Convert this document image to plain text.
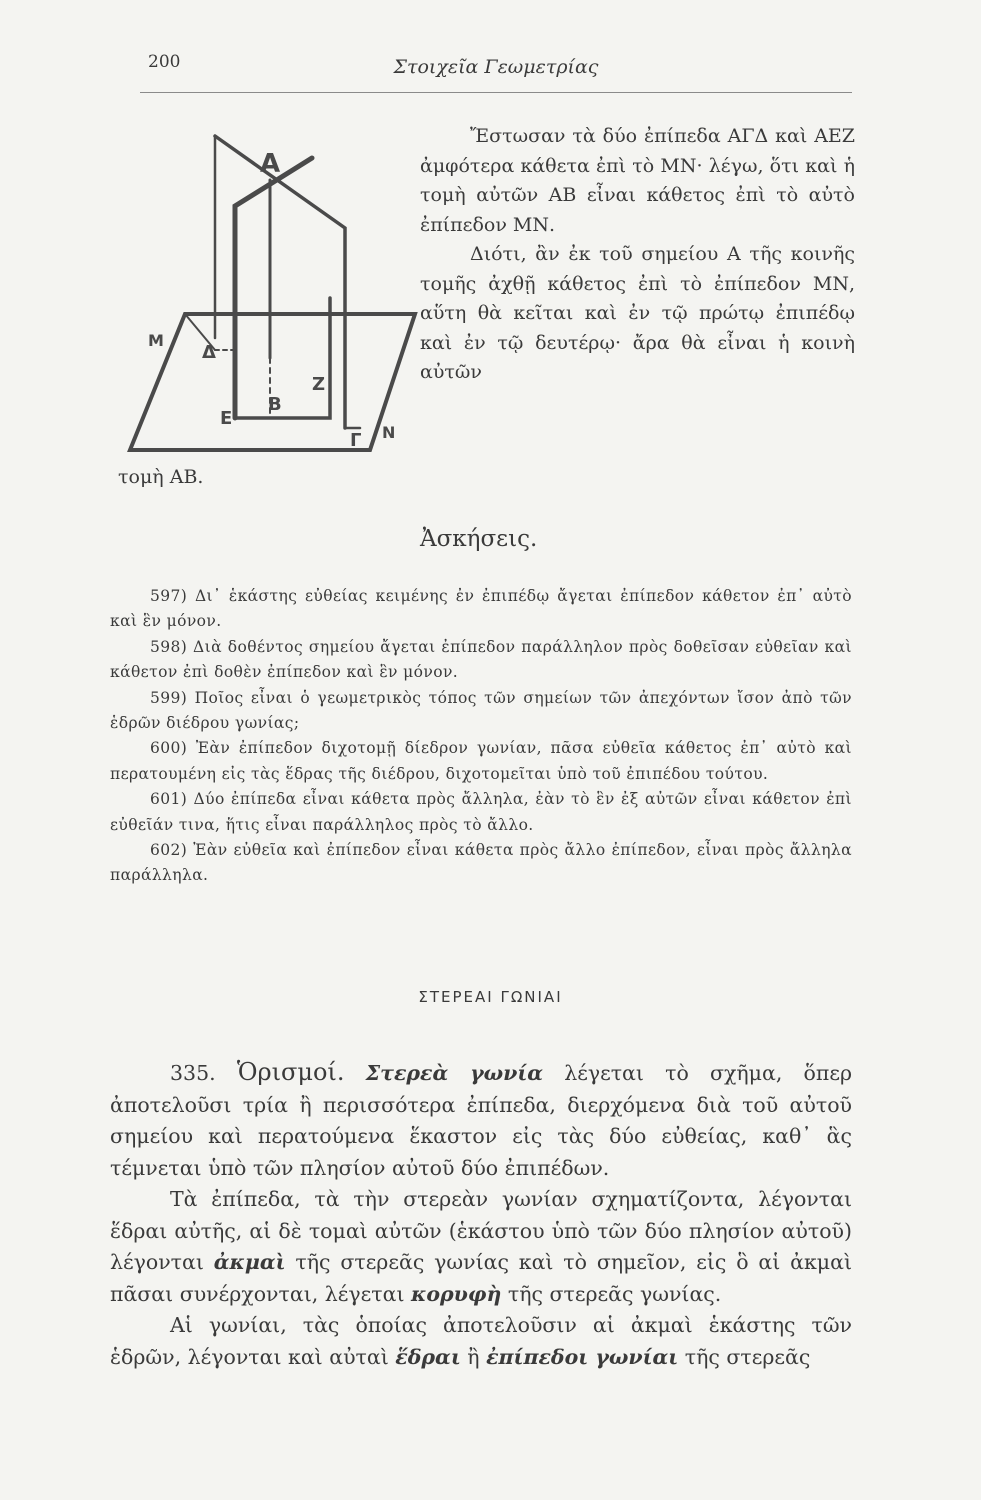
200	Στοιχεῖα Γεωμετρίας
Α
Μ
Δ
Ζ
Β
Ε
Γ Ν

Ἔστωσαν τὰ δύο ἐπίπεδα ΑΓΔ καὶ ΑΕΖ ἀμφότερα κάθετα ἐπὶ τὸ ΜΝ· λέγω, ὅτι καὶ ἡ τομὴ αὐτῶν ΑΒ εἶναι κάθετος ἐπὶ τὸ αὐτὸ ἐπίπεδον ΜΝ.

Διότι, ἂν ἐκ τοῦ σημείου Α τῆς κοινῆς τομῆς ἀχθῇ κάθετος ἐπὶ τὸ ἐπίπεδον ΜΝ, αὕτη θὰ κεῖται καὶ ἐν τῷ πρώτῳ ἐπιπέδῳ καὶ ἐν τῷ δευτέρῳ· ἄρα θὰ εἶναι ἡ κοινὴ αὐτῶν

τομὴ ΑΒ.
Ἀσκήσεις.

597) Δι᾽ ἑκάστης εὐθείας κειμένης ἐν ἐπιπέδῳ ἄγεται ἐπίπεδον κάθετον ἐπ᾽ αὐτὸ καὶ ἓν μόνον.

598) Διὰ δοθέντος σημείου ἄγεται ἐπίπεδον παράλληλον πρὸς δοθεῖσαν εὐθεῖαν καὶ κάθετον ἐπὶ δοθὲν ἐπίπεδον καὶ ἓν μόνον.

599) Ποῖος εἶναι ὁ γεωμετρικὸς τόπος τῶν σημείων τῶν ἀπεχόντων ἴσον ἀπὸ τῶν ἑδρῶν διέδρου γωνίας;

600) Ἐὰν ἐπίπεδον διχοτομῇ δίεδρον γωνίαν, πᾶσα εὐθεῖα κάθετος ἐπ᾽ αὐτὸ καὶ περατουμένη εἰς τὰς ἕδρας τῆς διέδρου, διχοτομεῖται ὑπὸ τοῦ ἐπιπέδου τούτου.

601) Δύο ἐπίπεδα εἶναι κάθετα πρὸς ἄλληλα, ἐὰν τὸ ἓν ἐξ αὐτῶν εἶναι κάθετον ἐπὶ εὐθεῖάν τινα, ἥτις εἶναι παράλληλος πρὸς τὸ ἄλλο.

602) Ἐὰν εὐθεῖα καὶ ἐπίπεδον εἶναι κάθετα πρὸς ἄλλο ἐπίπεδον, εἶναι πρὸς ἄλληλα παράλληλα.

ΣΤΕΡΕΑΙ ΓΩΝΙΑΙ

335. Ὁρισμοί. Στερεὰ γωνία λέγεται τὸ σχῆμα, ὅπερ ἀποτελοῦσι τρία ἢ περισσότερα ἐπίπεδα, διερχόμενα διὰ τοῦ αὐτοῦ σημείου καὶ περατούμενα ἕκαστον εἰς τὰς δύο εὐθείας, καθ᾽ ἃς τέμνεται ὑπὸ τῶν πλησίον αὐτοῦ δύο ἐπιπέδων.

Τὰ ἐπίπεδα, τὰ τὴν στερεὰν γωνίαν σχηματίζοντα, λέγονται ἕδραι αὐτῆς, αἱ δὲ τομαὶ αὐτῶν (ἑκάστου ὑπὸ τῶν δύο πλησίον αὐτοῦ) λέγονται ἀκμαὶ τῆς στερεᾶς γωνίας καὶ τὸ σημεῖον, εἰς ὃ αἱ ἀκμαὶ πᾶσαι συνέρχονται, λέγεται κορυφὴ τῆς στερεᾶς γωνίας.

Αἱ γωνίαι, τὰς ὁποίας ἀποτελοῦσιν αἱ ἀκμαὶ ἑκάστης τῶν ἑδρῶν, λέγονται καὶ αὐταὶ ἕδραι ἢ ἐπίπεδοι γωνίαι τῆς στερεᾶς
